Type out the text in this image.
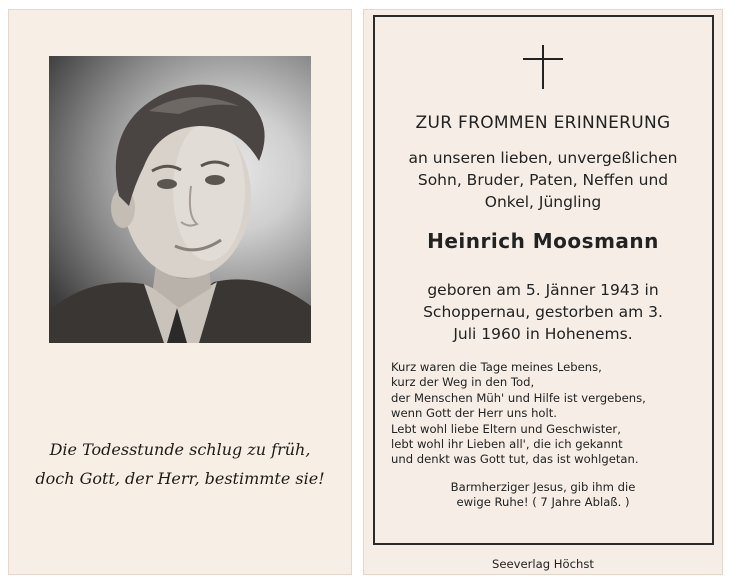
Die Todesstunde schlug zu früh,
doch Gott, der Herr, bestimmte sie!
ZUR FROMMEN ERINNERUNG
an unseren lieben, unvergeßlichen
Sohn, Bruder, Paten, Neffen und
Onkel, Jüngling
Heinrich Moosmann
geboren am 5. Jänner 1943 in
Schoppernau, gestorben am 3.
Juli 1960 in Hohenems.
Kurz waren die Tage meines Lebens,
kurz der Weg in den Tod,
der Menschen Müh' und Hilfe ist vergebens,
wenn Gott der Herr uns holt.
Lebt wohl liebe Eltern und Geschwister,
lebt wohl ihr Lieben all', die ich gekannt
und denkt was Gott tut, das ist wohlgetan.
Barmherziger Jesus, gib ihm die
ewige Ruhe! ( 7 Jahre Ablaß. )
Seeverlag Höchst
